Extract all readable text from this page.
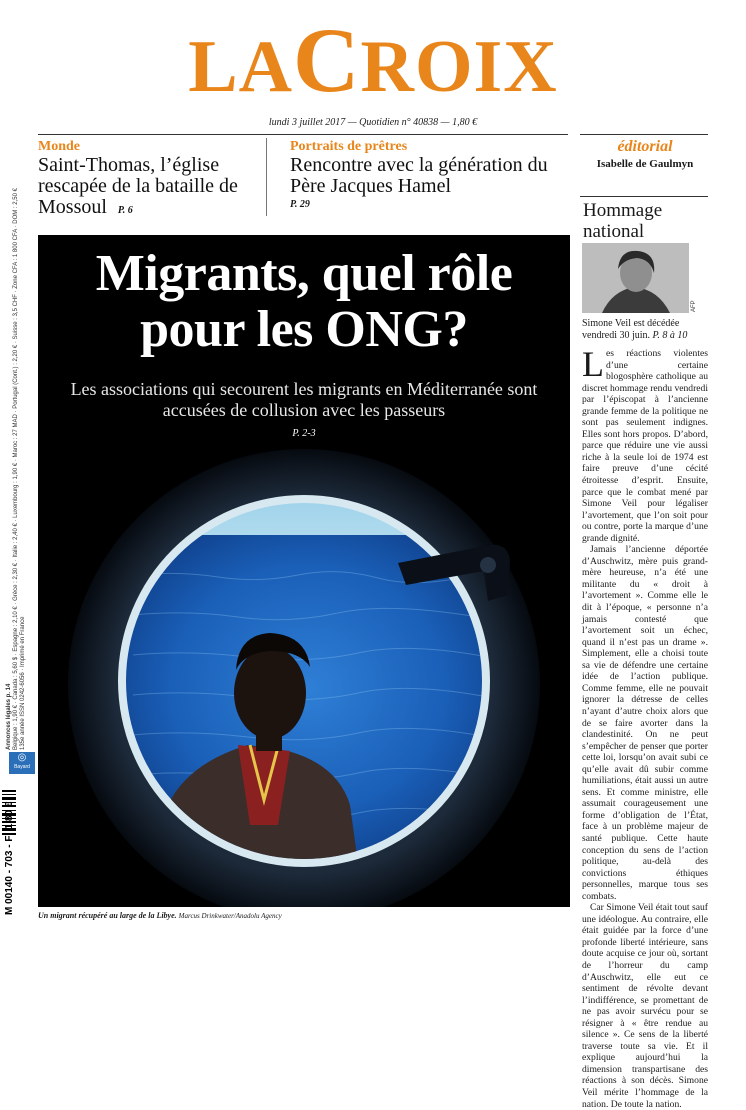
LACROIX
lundi 3 juillet 2017 — Quotidien n° 40838 — 1,80 €
Monde
Saint-Thomas, l’église rescapée de la bataille de Mossoul P. 6
Portraits de prêtres
Rencontre avec la génération du Père Jacques Hamel
P. 29
éditorial
Isabelle de Gaulmyn
Hommage national
Migrants, quel rôle pour les ONG?
Les associations qui secourent les migrants en Méditerranée sont accusées de collusion avec les passeurs
P. 2-3
Un migrant récupéré au large de la Libye. Marcus Drinkwater/Anadolu Agency
Belgique : 1,90 € · Canada : 5,60 $ · Espagne : 2,10 € · Grèce : 2,30 € · Italie : 2,40 € · Luxembourg : 1,90 € · Maroc : 27 MAD · Portugal (Cont.) : 2,20 € · Suisse : 3,5 CHF · Zone CFA : 1 800 CFA · DOM : 2,50 € 135e année ISSN 0242-6056 · Imprimé en France
Annonces légales p. 14
◎
Bayard
M 00140 - 703 - F: 1,80 €
AFP
Simone Veil est décédée vendredi 30 juin. P. 8 à 10

Les réactions violentes d’une certaine blogosphère catholique au discret hommage rendu vendredi par l’épiscopat à l’ancienne grande femme de la politique ne sont pas seulement indignes. Elles sont hors propos. D’abord, parce que réduire une vie aussi riche à la seule loi de 1974 est faire preuve d’une cécité étroitesse d’esprit. Ensuite, parce que le combat mené par Simone Veil pour légaliser l’avortement, que l’on soit pour ou contre, porte la marque d’une grande dignité.

Jamais l’ancienne déportée d’Auschwitz, mère puis grand-mère heureuse, n’a été une militante du « droit à l’avortement ». Comme elle le dit à l’époque, « personne n’a jamais contesté que l’avortement soit un échec, quand il n’est pas un drame ». Simplement, elle a choisi toute sa vie de défendre une certaine idée de l’action publique. Comme femme, elle ne pouvait ignorer la détresse de celles n’ayant d’autre choix alors que de se faire avorter dans la clandestinité. On ne peut s’empêcher de penser que porter cette loi, lorsqu’on avait subi ce qu’elle avait dû subir comme humiliations, était aussi un autre sens. Et comme ministre, elle assumait courageusement une forme d’obligation de l’État, face à un problème majeur de santé publique. Cette haute conception du sens de l’action politique, au-delà des convictions éthiques personnelles, marque tous ses combats.

Car Simone Veil était tout sauf une idéologue. Au contraire, elle était guidée par la force d’une profonde liberté intérieure, sans doute acquise ce jour où, sortant de l’horreur du camp d’Auschwitz, elle eut ce sentiment de révolte devant l’indifférence, se promettant de ne pas avoir survécu pour se résigner à « être rendue au silence ». Ce sens de la liberté traverse toute sa vie. Et il explique aujourd’hui la dimension transpartisane des réactions à son décès. Simone Veil mérite l’hommage de la nation. De toute la nation.
